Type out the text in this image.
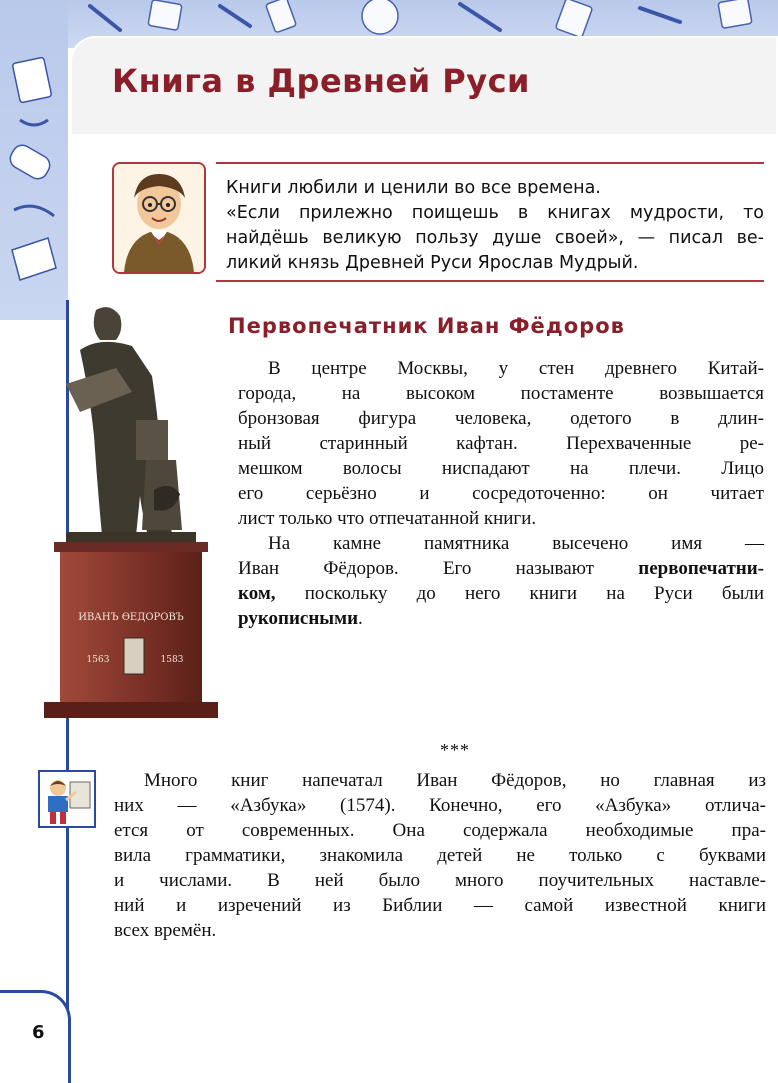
Книга в Древней Руси

Книги любили и ценили во все времена.

«Если прилежно поищешь в книгах мудрости, то

найдёшь великую пользу душе своей», — писал ве-

ликий князь Древней Руси Ярослав Мудрый.

Первопечатник Иван Фёдоров
ИВАНЪ ѲЕДОРОВЪ
1563	1583
В центре Москвы, у стен древнего Китай-
города, на высоком постаменте возвышается
бронзовая фигура человека, одетого в длин-
ный старинный кафтан. Перехваченные ре-
мешком волосы ниспадают на плечи. Лицо
его серьёзно и сосредоточенно: он читает
лист только что отпечатанной книги.
На камне памятника высечено имя —
Иван Фёдоров. Его называют первопечатни-
ком, поскольку до него книги на Руси были
рукописными.
***
Много книг напечатал Иван Фёдоров, но главная из
них — «Азбука» (1574). Конечно, его «Азбука» отлича-
ется от современных. Она содержала необходимые пра-
вила грамматики, знакомила детей не только с буквами
и числами. В ней было много поучительных наставле-
ний и изречений из Библии — самой известной книги
всех времён.
6
